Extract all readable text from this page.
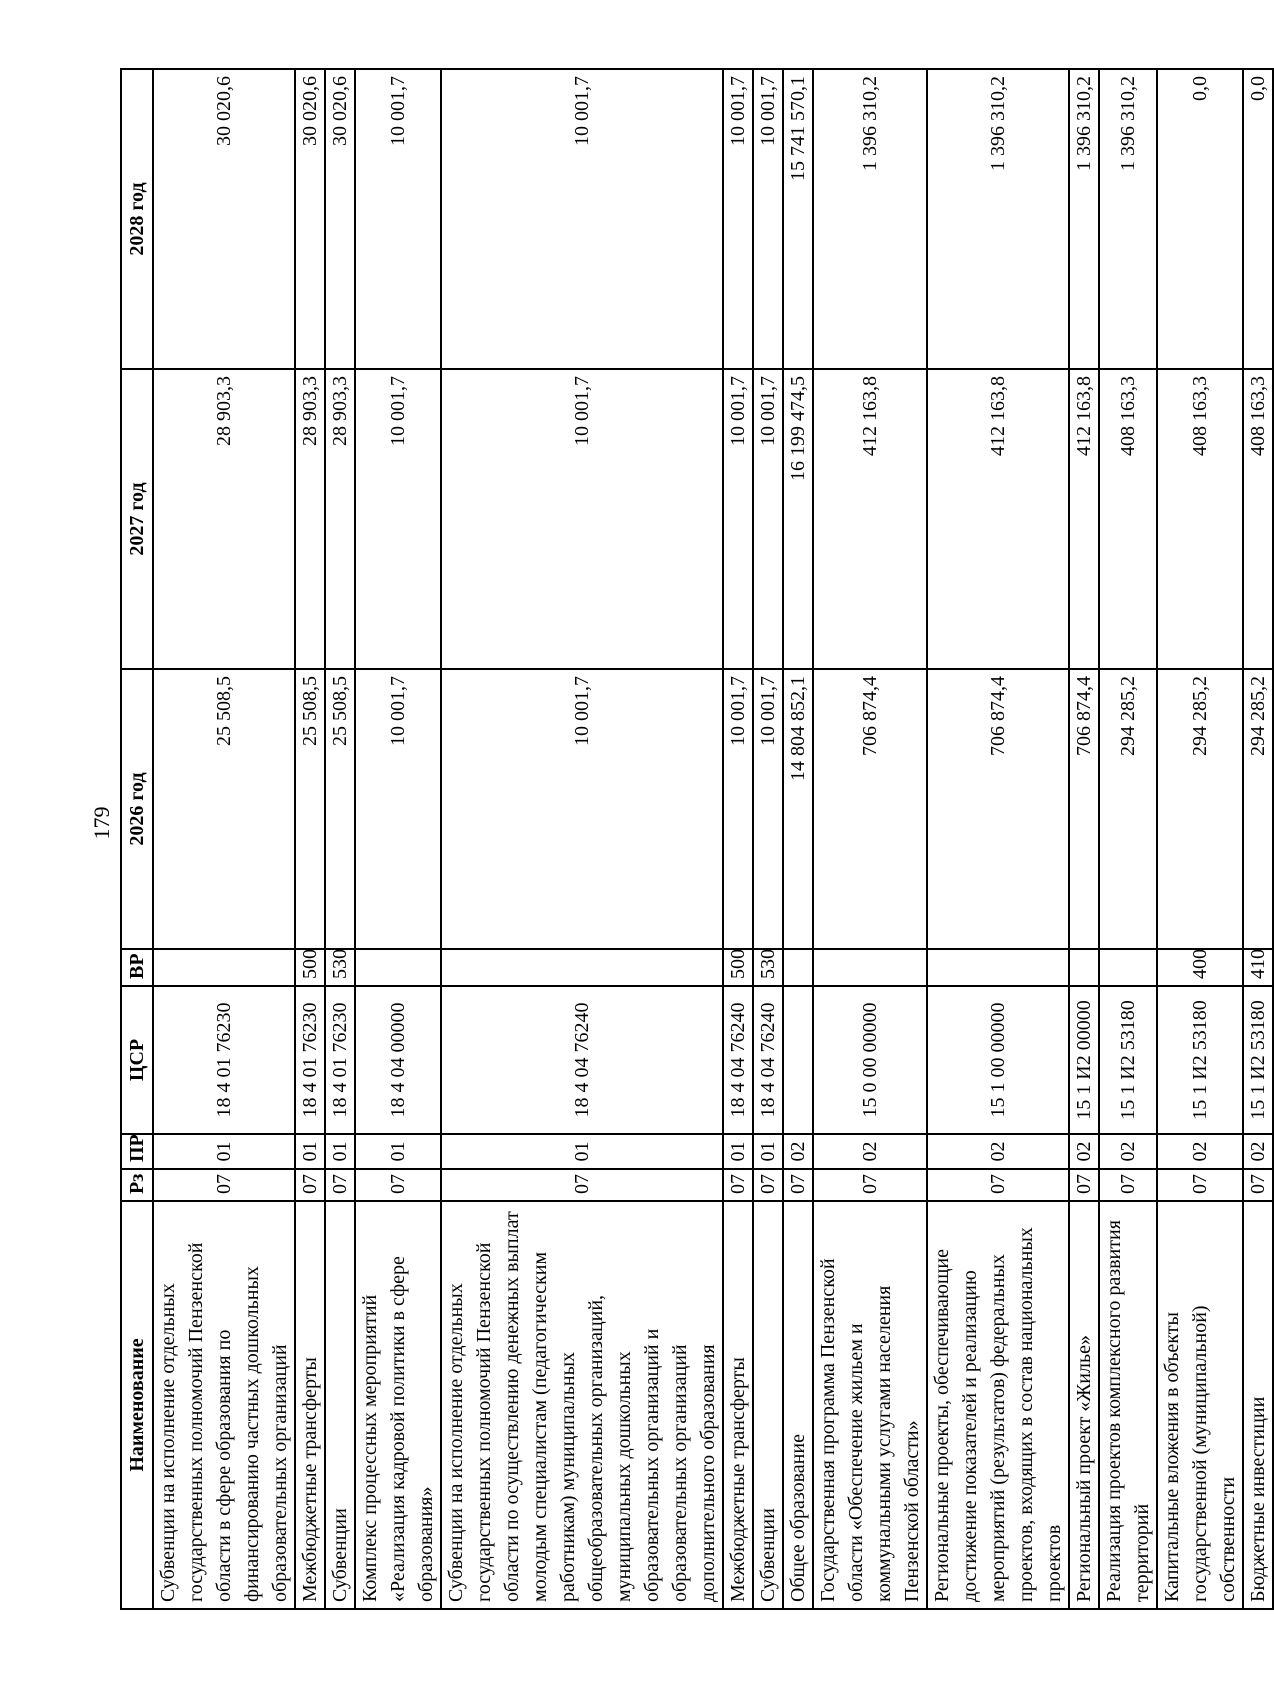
179
Наименование	Рз	ПР	ЦСР	ВР	2026 год	2027 год	2028 год
Субвенции на исполнение отдельных государственных полномочий Пензенской области в сфере образования по финансированию частных дошкольных образовательных организаций	07	01	18 4 01 76230		25 508,5	28 903,3	30 020,6
Межбюджетные трансферты	07	01	18 4 01 76230	500	25 508,5	28 903,3	30 020,6
Субвенции	07	01	18 4 01 76230	530	25 508,5	28 903,3	30 020,6
Комплекс процессных мероприятий «Реализация кадровой политики в сфере образования»	07	01	18 4 04 00000		10 001,7	10 001,7	10 001,7
Субвенции на исполнение отдельных государственных полномочий Пензенской области по осуществлению денежных выплат молодым специалистам (педагогическим работникам) муниципальных общеобразовательных организаций, муниципальных дошкольных образовательных организаций и образовательных организаций дополнительного образования	07	01	18 4 04 76240		10 001,7	10 001,7	10 001,7
Межбюджетные трансферты	07	01	18 4 04 76240	500	10 001,7	10 001,7	10 001,7
Субвенции	07	01	18 4 04 76240	530	10 001,7	10 001,7	10 001,7
Общее образование	07	02			14 804 852,1	16 199 474,5	15 741 570,1
Государственная программа Пензенской области «Обеспечение жильем и коммунальными услугами населения Пензенской области»	07	02	15 0 00 00000		706 874,4	412 163,8	1 396 310,2
Региональные проекты, обеспечивающие достижение показателей и реализацию мероприятий (результатов) федеральных проектов, входящих в состав национальных проектов	07	02	15 1 00 00000		706 874,4	412 163,8	1 396 310,2
Региональный проект «Жилье»	07	02	15 1 И2 00000		706 874,4	412 163,8	1 396 310,2
Реализация проектов комплексного развития территорий	07	02	15 1 И2 53180		294 285,2	408 163,3	1 396 310,2
Капитальные вложения в объекты государственной (муниципальной) собственности	07	02	15 1 И2 53180	400	294 285,2	408 163,3	0,0
Бюджетные инвестиции	07	02	15 1 И2 53180	410	294 285,2	408 163,3	0,0
